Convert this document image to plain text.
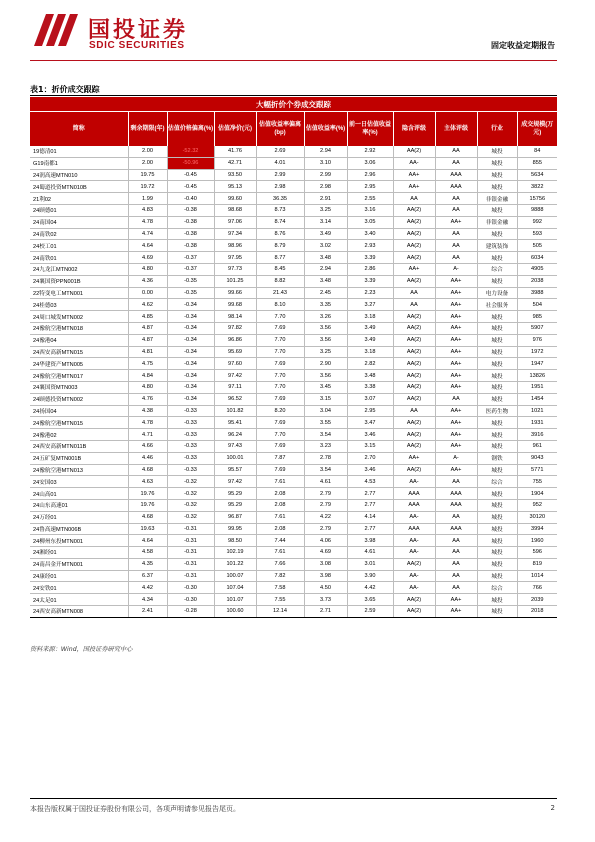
国投证券
SDIC SECURITIES	固定收益定期报告
表1：折价成交跟踪
大幅折价个券成交跟踪										
简称	剩余期限(年)	估值价格偏离(%)	估值净价(元)	估值收益率偏离(bp)	估值收益率(%)	前一日估值收益率(%)	隐含评级	主体评级	行业	成交规模(万元)
19德清01	2.00	-52.32	41.76	2.69	2.94	2.92	AA(2)	AA	城投	84
G19南都1	2.00	-50.96	42.71	4.01	3.10	3.06	AA-	AA	城投	855
24润高速MTN010	19.75	-0.45	93.50	2.99	2.99	2.96	AA+	AAA	城投	5634
24蜀道投资MTN010B	19.72	-0.45	95.13	2.98	2.98	2.95	AA+	AAA	城投	3822
21利02	1.99	-0.40	99.60	36.35	2.91	2.55	AA	AA	非银金融	15756
24顾德01	4.83	-0.38	98.68	8.73	3.25	3.16	AA(2)	AA	城投	9888
24南国04	4.78	-0.38	97.06	8.74	3.14	3.05	AA(2)	AA+	非银金融	992
24南铁02	4.74	-0.38	97.34	8.76	3.49	3.40	AA(2)	AA	城投	593
24校工01	4.64	-0.38	98.96	8.79	3.02	2.93	AA(2)	AA	建筑装饰	505
24南铁01	4.69	-0.37	97.95	8.77	3.48	3.39	AA(2)	AA	城投	6034
24九龙江MTN002	4.80	-0.37	97.73	8.45	2.94	2.86	AA+	A-	综合	4905
24襄国资PPN001B	4.36	-0.35	101.25	8.82	3.48	3.39	AA(2)	AA+	城投	2038
22特变电工MTN001	0.00	-0.35	99.66	21.43	2.45	2.23	AA	AA+	电力设备	3988
24桂德03	4.62	-0.34	99.68	8.10	3.35	3.27	AA	AA+	社会服务	504
24周口城发MTN002	4.85	-0.34	98.14	7.70	3.26	3.18	AA(2)	AA+	城投	985
24豫航空港MTN018	4.87	-0.34	97.82	7.69	3.56	3.49	AA(2)	AA+	城投	5907
24豫港04	4.87	-0.34	96.86	7.70	3.56	3.49	AA(2)	AA+	城投	976
24西安高新MTN015	4.81	-0.34	95.69	7.70	3.25	3.18	AA(2)	AA+	城投	1972
24华建资产MTN005	4.75	-0.34	97.60	7.69	2.90	2.82	AA(2)	AA+	城投	1947
24豫航空港MTN017	4.84	-0.34	97.42	7.70	3.56	3.48	AA(2)	AA+	城投	13826
24襄国资MTN003	4.80	-0.34	97.11	7.70	3.45	3.38	AA(2)	AA+	城投	1951
24顾德投资MTN002	4.76	-0.34	96.52	7.69	3.15	3.07	AA(2)	AA	城投	1454
24扬国04	4.38	-0.33	101.82	8.20	3.04	2.95	AA	AA+	医药生物	1021
24豫航空港MTN015	4.78	-0.33	95.41	7.69	3.55	3.47	AA(2)	AA+	城投	1931
24豫港02	4.71	-0.33	96.24	7.70	3.54	3.46	AA(2)	AA+	城投	3916
24西安高新MTN011B	4.66	-0.33	97.43	7.69	3.23	3.15	AA(2)	AA+	城投	961
24五矿复MTN001B	4.46	-0.33	100.01	7.87	2.78	2.70	AA+	A-	钢铁	9043
24豫航空港MTN013	4.68	-0.33	95.57	7.69	3.54	3.46	AA(2)	AA+	城投	5771
24安国03	4.63	-0.32	97.42	7.61	4.61	4.53	AA-	AA	综合	755
24山高01	19.76	-0.32	95.29	2.08	2.79	2.77	AAA	AAA	城投	1904
24山东高速01	19.76	-0.32	95.29	2.08	2.79	2.77	AAA	AAA	城投	952
24万经01	4.68	-0.32	96.87	7.61	4.22	4.14	AA-	AA	城投	30120
24鲁高速MTN006B	19.63	-0.31	99.95	2.08	2.79	2.77	AAA	AAA	城投	3994
24柳州东投MTN001	4.64	-0.31	98.50	7.44	4.06	3.98	AA-	AA	城投	1960
24湘经01	4.58	-0.31	102.19	7.61	4.69	4.61	AA-	AA	城投	596
24南昌金开MTN001	4.35	-0.31	101.22	7.66	3.08	3.01	AA(2)	AA	城投	819
24康经01	6.37	-0.31	100.07	7.82	3.98	3.90	AA-	AA	城投	1014
24安铁01	4.42	-0.30	107.04	7.58	4.50	4.42	AA-	AA	综合	766
24太足01	4.34	-0.30	101.07	7.55	3.73	3.65	AA(2)	AA+	城投	2039
24西安高新MTN008	2.41	-0.28	100.60	12.14	2.71	2.59	AA(2)	AA+	城投	2018
资料来源：Wind，国投证券研究中心
本报告版权属于国投证券股份有限公司，各项声明请参见报告尾页。	2
